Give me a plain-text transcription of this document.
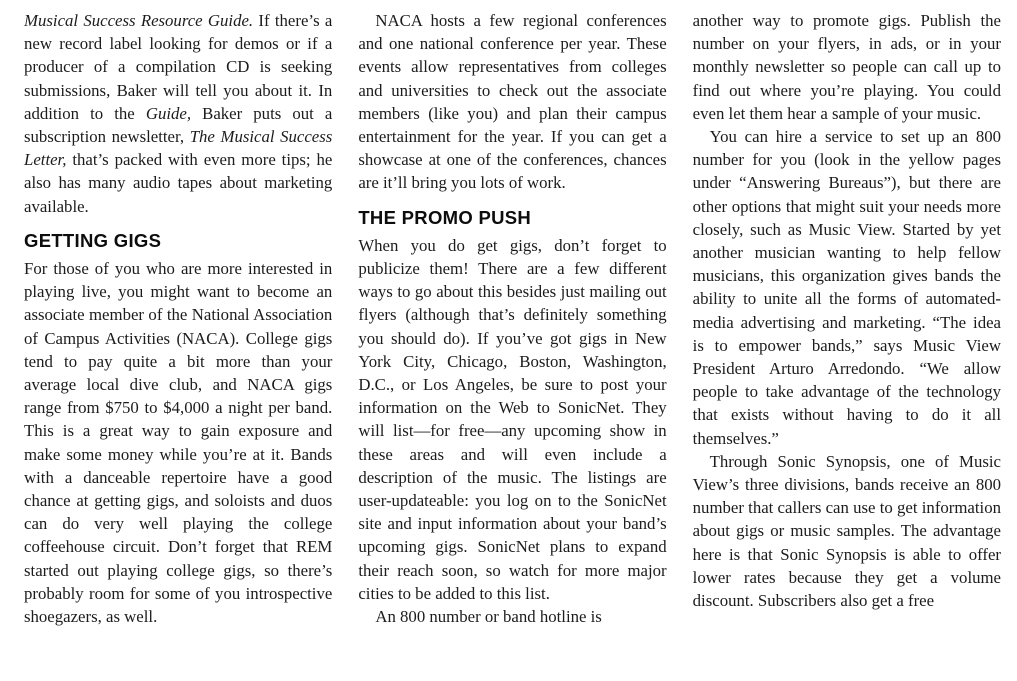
Musical Success Resource Guide. If there’s a new record label looking for demos or if a producer of a compilation CD is seeking submissions, Baker will tell you about it. In addition to the Guide, Baker puts out a subscription newsletter, The Musical Success Letter, that’s packed with even more tips; he also has many audio tapes about marketing available.

GETTING GIGS

For those of you who are more interested in playing live, you might want to become an associate member of the National Association of Campus Activities (NACA). College gigs tend to pay quite a bit more than your average local dive club, and NACA gigs range from $750 to $4,000 a night per band. This is a great way to gain exposure and make some money while you’re at it. Bands with a danceable repertoire have a good chance at getting gigs, and soloists and duos can do very well playing the college coffeehouse circuit. Don’t forget that REM started out playing college gigs, so there’s probably room for some of you introspective shoegazers, as well.

NACA hosts a few regional conferences and one national conference per year. These events allow representatives from colleges and universities to check out the associate members (like you) and plan their campus entertainment for the year. If you can get a showcase at one of the conferences, chances are it’ll bring you lots of work.

THE PROMO PUSH

When you do get gigs, don’t forget to publicize them! There are a few different ways to go about this besides just mailing out flyers (although that’s definitely something you should do). If you’ve got gigs in New York City, Chicago, Boston, Washington, D.C., or Los Angeles, be sure to post your information on the Web to SonicNet. They will list—for free—any upcoming show in these areas and will even include a description of the music. The listings are user-updateable: you log on to the SonicNet site and input information about your band’s upcoming gigs. SonicNet plans to expand their reach soon, so watch for more major cities to be added to this list.

An 800 number or band hotline is

another way to promote gigs. Publish the number on your flyers, in ads, or in your monthly newsletter so people can call up to find out where you’re playing. You could even let them hear a sample of your music.

You can hire a service to set up an 800 number for you (look in the yellow pages under “Answering Bureaus”), but there are other options that might suit your needs more closely, such as Music View. Started by yet another musician wanting to help fellow musicians, this organization gives bands the ability to unite all the forms of automated-media advertising and marketing. “The idea is to empower bands,” says Music View President Arturo Arredondo. “We allow people to take advantage of the technology that exists without having to do it all themselves.”

Through Sonic Synopsis, one of Music View’s three divisions, bands receive an 800 number that callers can use to get information about gigs or music samples. The advantage here is that Sonic Synopsis is able to offer lower rates because they get a volume discount. Subscribers also get a free
